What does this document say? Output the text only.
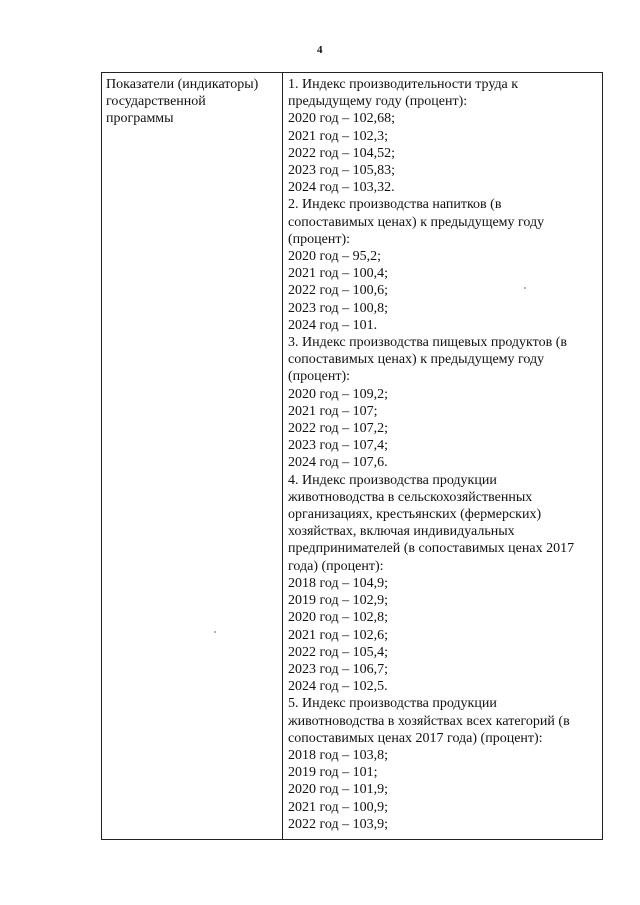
4
Показатели (индикаторы)
государственной
программы
1. Индекс производительности труда к
предыдущему году (процент):
2020 год – 102,68;
2021 год – 102,3;
2022 год – 104,52;
2023 год – 105,83;
2024 год – 103,32.
2. Индекс производства напитков (в
сопоставимых ценах) к предыдущему году
(процент):
2020 год – 95,2;
2021 год – 100,4;
2022 год – 100,6;
2023 год – 100,8;
2024 год – 101.
3. Индекс производства пищевых продуктов (в
сопоставимых ценах) к предыдущему году
(процент):
2020 год – 109,2;
2021 год – 107;
2022 год – 107,2;
2023 год – 107,4;
2024 год – 107,6.
4. Индекс производства продукции
животноводства в сельскохозяйственных
организациях, крестьянских (фермерских)
хозяйствах, включая индивидуальных
предпринимателей (в сопоставимых ценах 2017
года) (процент):
2018 год – 104,9;
2019 год – 102,9;
2020 год – 102,8;
2021 год – 102,6;
2022 год – 105,4;
2023 год – 106,7;
2024 год – 102,5.
5. Индекс производства продукции
животноводства в хозяйствах всех категорий (в
сопоставимых ценах 2017 года) (процент):
2018 год – 103,8;
2019 год – 101;
2020 год – 101,9;
2021 год – 100,9;
2022 год – 103,9;
